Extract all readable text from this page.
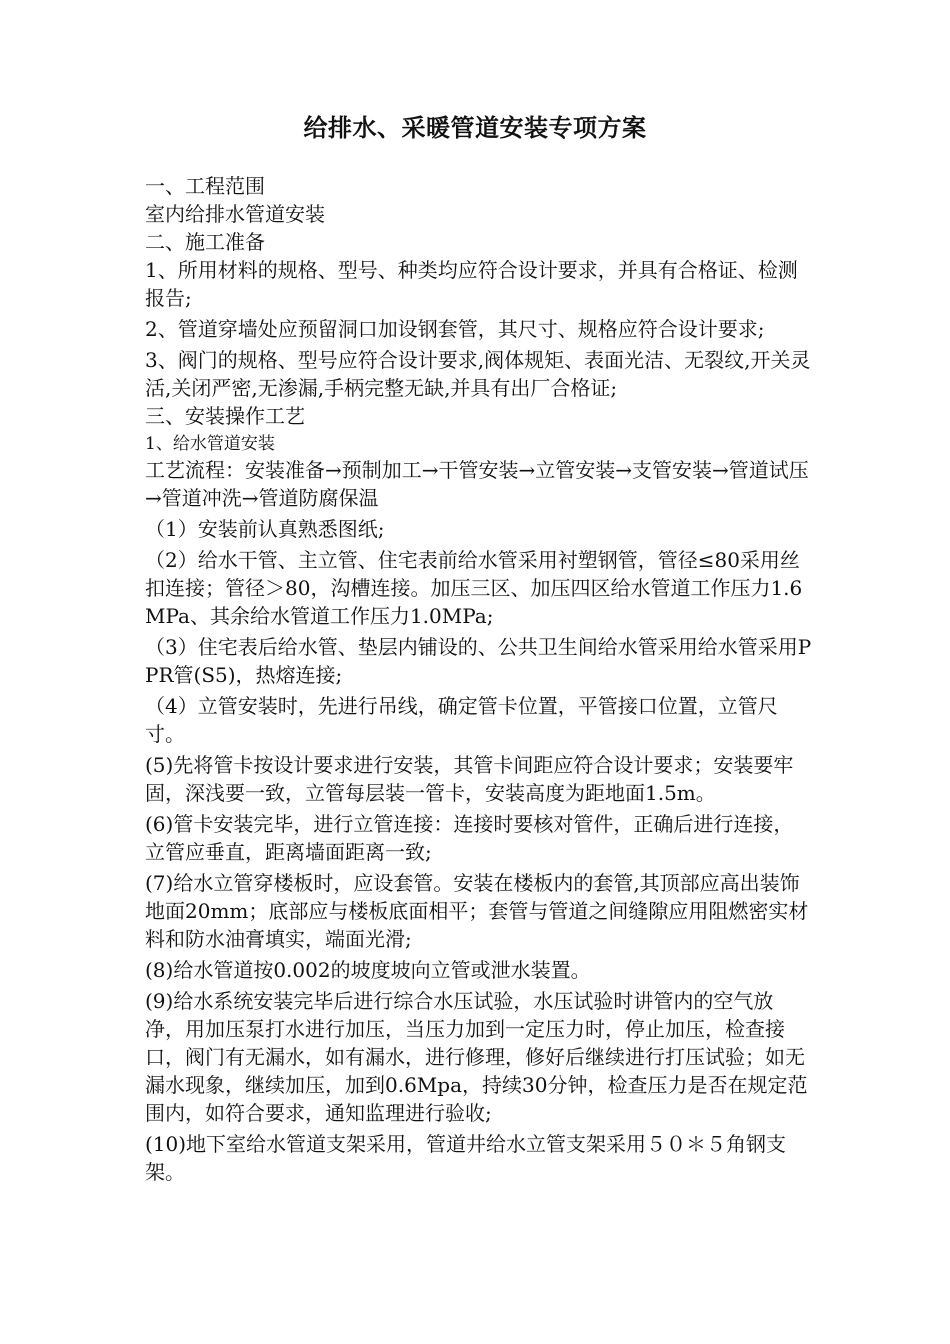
给排水、采暖管道安装专项方案

一、工程范围

室内给排水管道安装

二、施工准备

1、所用材料的规格、型号、种类均应符合设计要求，并具有合格证、检测报告;

2、管道穿墙处应预留洞口加设钢套管，其尺寸、规格应符合设计要求;

3、阀门的规格、型号应符合设计要求,阀体规矩、表面光洁、无裂纹,开关灵活,关闭严密,无渗漏,手柄完整无缺,并具有出厂合格证;

三、安装操作工艺

1、给水管道安装

工艺流程：安装准备→预制加工→干管安装→立管安装→支管安装→管道试压→管道冲洗→管道防腐保温

（1）安装前认真熟悉图纸;

（2）给水干管、主立管、住宅表前给水管采用衬塑钢管，管径≤80采用丝扣连接；管径＞80，沟槽连接。加压三区、加压四区给水管道工作压力1.6MPa、其余给水管道工作压力1.0MPa;

（3）住宅表后给水管、垫层内铺设的、公共卫生间给水管采用给水管采用PPR管(S5)，热熔连接;

（4）立管安装时，先进行吊线，确定管卡位置，平管接口位置，立管尺寸。

(5)先将管卡按设计要求进行安装，其管卡间距应符合设计要求；安装要牢固，深浅要一致，立管每层装一管卡，安装高度为距地面1.5m。

(6)管卡安装完毕，进行立管连接：连接时要核对管件，正确后进行连接，立管应垂直，距离墙面距离一致;

(7)给水立管穿楼板时，应设套管。安装在楼板内的套管,其顶部应高出装饰地面20mm；底部应与楼板底面相平；套管与管道之间缝隙应用阻燃密实材料和防水油膏填实，端面光滑;

(8)给水管道按0.002的坡度坡向立管或泄水装置。

(9)给水系统安装完毕后进行综合水压试验，水压试验时讲管内的空气放净，用加压泵打水进行加压，当压力加到一定压力时，停止加压，检查接口，阀门有无漏水，如有漏水，进行修理，修好后继续进行打压试验；如无漏水现象，继续加压，加到0.6Mpa，持续30分钟，检查压力是否在规定范围内，如符合要求，通知监理进行验收;

(10)地下室给水管道支架采用，管道井给水立管支架采用５０＊５角钢支架。
